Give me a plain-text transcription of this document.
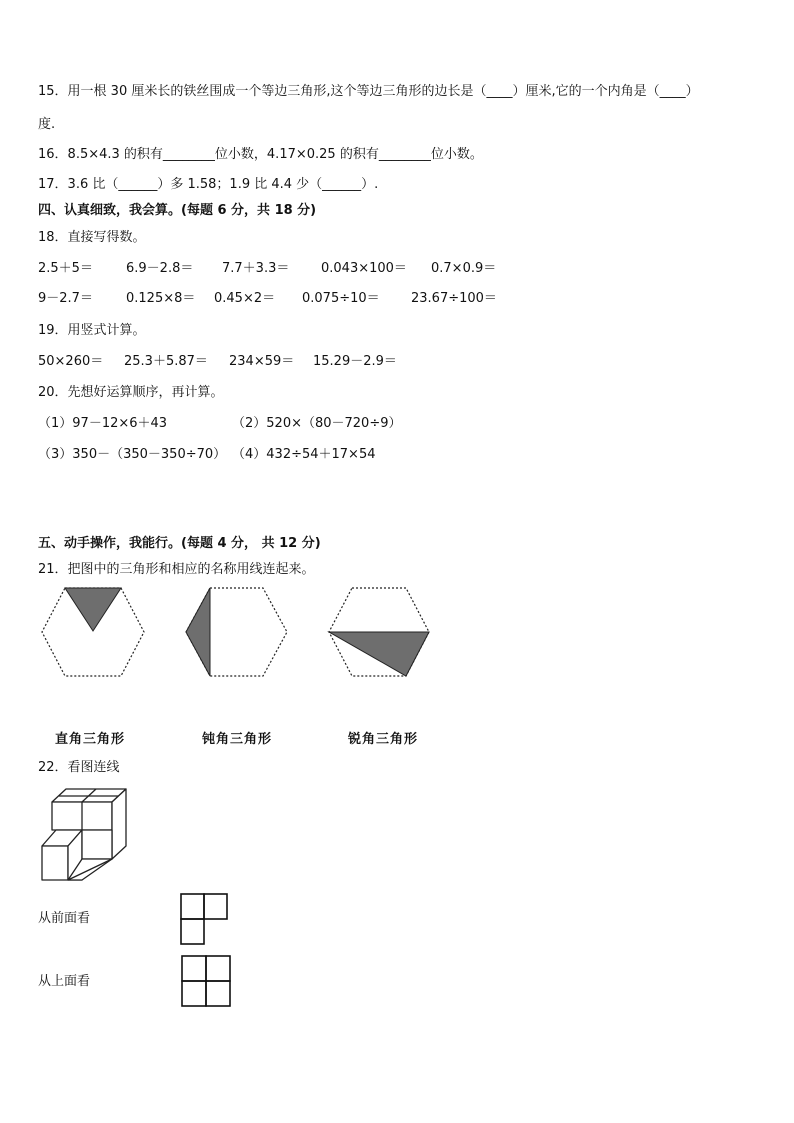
15．用一根 30 厘米长的铁丝围成一个等边三角形,这个等边三角形的边长是（____）厘米,它的一个内角是（____）
度.
16．8.5×4.3 的积有________位小数，4.17×0.25 的积有________位小数。
17．3.6 比（______）多 1.58；1.9 比 4.4 少（______）.
四、认真细致，我会算。(每题 6 分，共 18 分)
18．直接写得数。
2.5＋5＝	6.9－2.8＝ 7.7＋3.3＝ 0.043×100＝ 0.7×0.9＝
9－2.7＝	0.125×8＝ 0.45×2＝ 0.075÷10＝ 23.67÷100＝
19．用竖式计算。
50×260＝ 25.3＋5.87＝ 234×59＝ 15.29－2.9＝
20．先想好运算顺序，再计算。
（1）97－12×6＋43	（2）520×（80－720÷9）
（3）350－（350－350÷70） （4）432÷54＋17×54
五、动手操作，我能行。(每题 4 分， 共 12 分)
21．把图中的三角形和相应的名称用线连起来。
直角三角形	钝角三角形	锐角三角形
22．看图连线
从前面看
从上面看
